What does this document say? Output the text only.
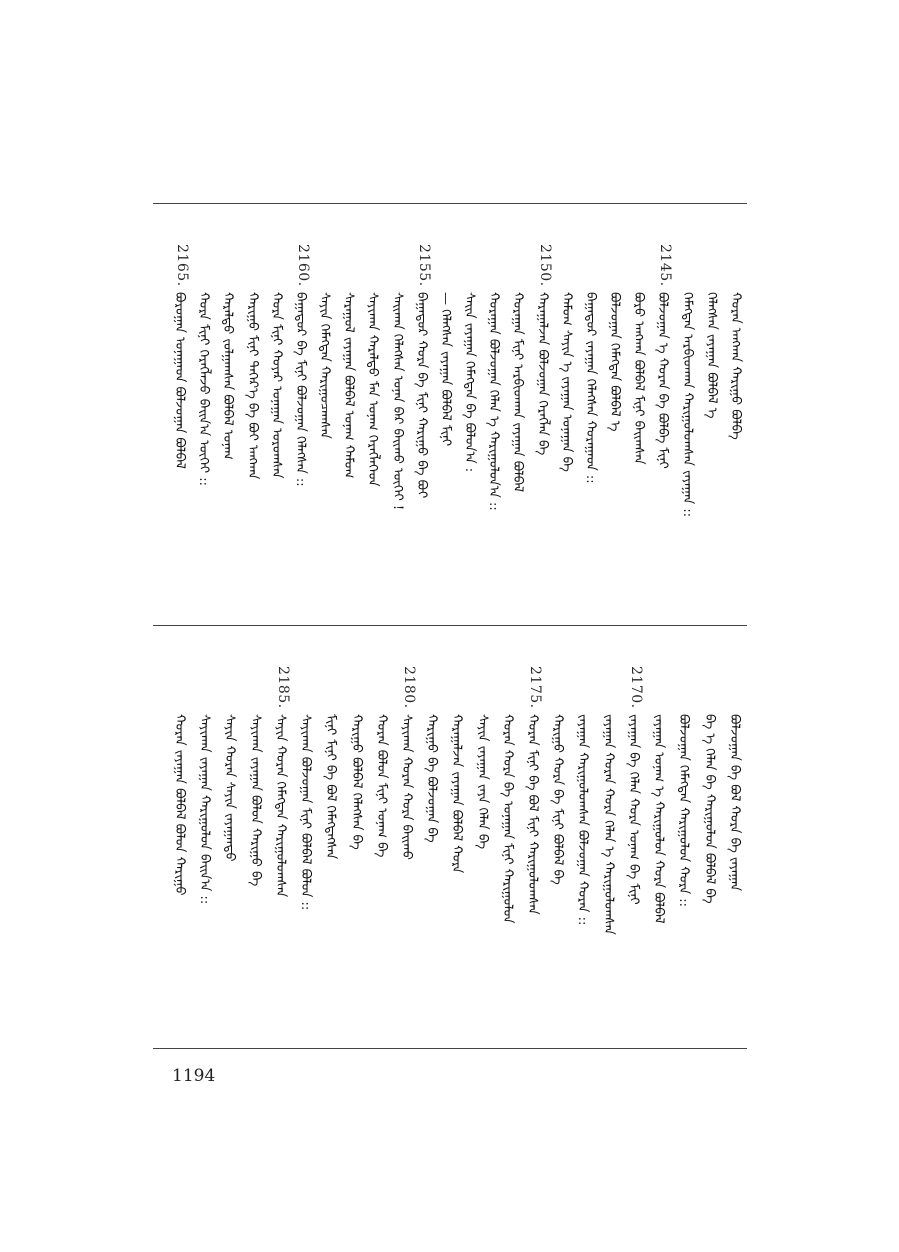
2165.
ᠪᠣᠷᠤᠭᠠᠨ ᠤᠨᠠᠭᠠᠳ ᠪᠣᠯᠵᠣᠭᠠᠨ ᠪᠣᠯᠪᠠᠯ ᠬᠤᠷᠠ ᠮᠢᠨᠢ ᠬᠡᠷᠡᠭᠯᠡᠵᠦ ᠪᠠᠢᠨ᠎ᠠ ᠦᠭᠡᠢ :: ᠬᠠᠷᠠᠯᠳᠤ ᠵᠣᠯᠭᠠᠭᠰᠠᠨ ᠪᠣᠯᠪᠠᠯ ᠤᠨᠠᠭ ᠬᠠᠷᠢᠭᠤ ᠮᠢᠨᠢ ᠳᠡᠭᠡᠷ᠎ᠡ ᠪᠠ ᠪᠤᠢ ᠠᠩᠬᠠᠨ ᠬᠤᠷᠠ ᠮᠢᠨᠢ ᠬᠣᠶᠠᠷ ᠤᠨᠠᠭᠠᠨ ᠤᠷᠤᠭᠰᠠᠨ
2160.
ᠪᠠᠭᠠᠳᠤᠷ ᠪᠠ ᠮᠢᠨᠢ ᠪᠣᠯᠵᠣᠭᠠᠨ ᠬᠡᠯᠡᠭᠰᠡᠨ :: ᠰᠠᠶᠢᠨ ᠬᠡᠮᠡᠭᠳᠡᠨ ᠬᠠᠷᠢᠭᠤᠴᠠᠭᠰᠠᠨ ᠰᠠᠷᠠᠭᠤᠯ ᠵᠠᠶᠠᠭᠠᠨ ᠪᠣᠯᠪᠠᠯ ᠤᠨᠠᠭ ᠬᠠᠮᠤᠭ ᠰᠠᠶᠢᠬᠠᠨ ᠬᠠᠷᠠᠯᠳᠤ ᠮᠠᠨ ᠤᠨᠠᠭ ᠬᠡᠷᠡᠭᠯᠡᠭᠡᠳ ᠰᠠᠢᠬᠠᠨ ᠬᠡᠯᠡᠭᠰᠡᠨ ᠤᠨᠠᠨ ᠪᠠᠷ ᠪᠠᠢᠬᠤ ᠦᠭᠡᠢ !
2155.
ᠪᠠᠭᠠᠳᠤᠷ ᠬᠤᠷᠠ ᠪᠠ ᠮᠢᠨᠢ ᠬᠠᠷᠢᠭᠤ ᠪᠠ ᠪᠤᠢ — ᠬᠡᠯᠡᠭᠰᠡᠨ ᠵᠠᠶᠠᠭᠠᠨ ᠪᠣᠯᠪᠠᠯ ᠮᠢᠨᠢ ᠰᠠᠢᠨ ᠵᠠᠶᠠᠭᠠᠨ ᠬᠡᠮᠡᠭᠳᠡᠨ ᠪᠠ ᠪᠣᠯᠤᠨ᠎ᠠ : ᠬᠤᠷᠠᠭᠠᠨ ᠪᠣᠯᠵᠣᠭᠠᠨ ᠬᠡᠯᠡᠨ ᠡ ᠬᠠᠷᠢᠭᠤᠯᠤᠨ᠎ᠠ :: ᠬᠤᠷᠠᠭᠠᠨ ᠮᠢᠨᠢ ᠠᠷᠪᠢᠳᠬᠠᠨ ᠵᠠᠶᠠᠭᠠᠨ ᠪᠣᠯᠪᠠᠯ
2150.
ᠬᠠᠷᠠᠭᠠᠯᠵᠠᠨ ᠪᠣᠯᠵᠣᠭᠠᠨ ᠬᠡᠷᠡᠭᠯᠡᠨ ᠪᠠ ᠬᠠᠮᠤᠭ ᠰᠠᠶᠢᠨ ᠡ ᠵᠠᠶᠠᠭᠠᠨ ᠤᠨᠠᠭᠠᠨ ᠪᠠ ᠪᠠᠭᠠᠳᠤᠷ ᠵᠠᠶᠠᠭᠠᠨ ᠬᠡᠯᠡᠭᠰᠡᠨ ᠬᠤᠷᠠᠭᠠᠳ :: ᠪᠣᠯᠵᠣᠭᠠᠨ ᠬᠡᠮᠡᠭᠳᠡᠨ ᠪᠣᠯᠪᠠᠯ ᠡ ᠪᠣᠷᠤ ᠠᠩᠬᠠᠨ ᠪᠣᠯᠪᠠᠯ ᠮᠢᠨᠢ ᠪᠠᠢᠭᠰᠠᠨ
2145.
ᠪᠣᠯᠵᠣᠭᠠᠨ ᠡ ᠬᠤᠷᠠᠨ ᠪᠠ ᠪᠣᠯᠪᠠ ᠮᠢᠨᠢ ᠬᠡᠮᠡᠭᠳᠡᠨ ᠠᠷᠪᠢᠳᠬᠠᠨ ᠬᠠᠷᠢᠭᠤᠯᠤᠭᠰᠠᠨ ᠵᠠᠶᠠᠭᠠᠨ :: ᠬᠡᠯᠡᠭᠰᠡᠨ ᠵᠠᠶᠠᠭᠠᠨ ᠪᠣᠯᠪᠠᠯ ᠡ ᠬᠤᠷᠠᠨ ᠠᠩᠬᠠᠨ ᠬᠠᠷᠢᠭᠤ ᠪᠣᠯᠪᠠ
ᠬᠤᠷᠠᠨ ᠵᠠᠶᠠᠭᠠᠨ ᠪᠣᠯᠪᠠᠯ ᠪᠣᠯᠤᠨ ᠬᠠᠷᠢᠭᠤ ᠰᠠᠶᠢᠬᠠᠨ ᠵᠠᠶᠠᠭᠠᠨ ᠬᠠᠷᠢᠭᠤᠯᠤᠨ ᠪᠠᠢᠨ᠎ᠠ :: ᠰᠠᠶᠢᠨ ᠬᠤᠷᠠᠨ ᠰᠠᠶᠢᠨ ᠵᠠᠶᠠᠭᠠᠨᠳᠤ ᠰᠠᠶᠢᠬᠠᠨ ᠵᠠᠶᠠᠭᠠᠨ ᠪᠣᠯᠤᠨ ᠬᠠᠷᠢᠭᠤ ᠪᠠ
2185.
ᠰᠠᠶᠢᠨ ᠬᠤᠷᠠᠨ ᠬᠡᠮᠡᠭᠳᠡᠨ ᠬᠠᠷᠢᠭᠤᠯᠤᠭᠰᠠᠨ ᠰᠠᠶᠢᠬᠠᠨ ᠪᠣᠯᠵᠣᠭᠠᠨ ᠮᠢᠨᠢ ᠪᠣᠯᠪᠠᠯ ᠪᠣᠯᠤᠨ :: ᠮᠢᠨᠢ ᠮᠢᠨᠢ ᠪᠠ ᠪᠣᠯ ᠬᠡᠮᠡᠭᠳᠡᠭᠰᠡᠨ ᠬᠠᠷᠢᠭᠤ ᠪᠣᠯᠪᠠᠯ ᠬᠡᠯᠡᠭᠰᠡᠨ ᠪᠠ ᠬᠤᠷᠠᠨ ᠪᠣᠯᠤᠨ ᠮᠢᠨᠢ ᠤᠨᠠᠭ ᠪᠠ
2180.
ᠰᠠᠶᠢᠬᠠᠨ ᠬᠤᠷᠠᠨ ᠬᠤᠷᠠ ᠪᠠᠢᠬᠤ ᠬᠠᠷᠢᠭᠤ ᠪᠠ ᠪᠣᠯᠵᠣᠭᠠᠨ ᠪᠠ ᠬᠠᠷᠠᠭᠠᠯᠵᠠᠨ ᠵᠠᠶᠠᠭᠠᠨ ᠪᠣᠯᠪᠠᠯ ᠬᠤᠷᠠ ᠰᠠᠶᠢᠨ ᠵᠠᠶᠠᠭᠠᠨ ᠵᠠᠶᠠ ᠬᠡᠯᠡᠨ ᠪᠠ ᠬᠤᠷᠠᠨ ᠬᠤᠷᠠ ᠪᠠ ᠤᠨᠠᠭᠠᠨ ᠮᠢᠨᠢ ᠬᠠᠷᠢᠭᠤᠯᠤᠨ
2175.
ᠬᠤᠷᠠᠨ ᠮᠢᠨᠢ ᠪᠠ ᠪᠣᠯ ᠮᠢᠨᠢ ᠬᠠᠷᠢᠭᠤᠯᠤᠭᠰᠠᠨ ᠬᠠᠷᠢᠭᠤ ᠬᠤᠷᠠ ᠪᠠ ᠮᠢᠨᠢ ᠪᠣᠯᠪᠠᠯ ᠪᠠ ᠵᠠᠶᠠᠭᠠᠨ ᠬᠠᠷᠢᠭᠤᠯᠤᠭᠰᠠᠨ ᠪᠣᠯᠵᠣᠭᠠᠨ ᠬᠤᠷᠠᠨ :: ᠵᠠᠶᠠᠭᠠᠨ ᠬᠤᠷᠠᠨ ᠬᠤᠷᠠ ᠬᠡᠯᠡᠨ ᠡ ᠬᠠᠷᠢᠭᠤᠯᠤᠭᠰᠠᠨ
2170.
ᠵᠠᠶᠠᠭᠠᠨ ᠪᠠ ᠬᠡᠯᠡᠨ ᠬᠤᠷᠠ ᠤᠨᠠᠭ ᠪᠠ ᠮᠢᠨᠢ ᠵᠠᠶᠠᠭᠠᠨ ᠤᠨᠠᠭ ᠡ ᠬᠠᠷᠢᠭᠤᠯᠤᠨ ᠬᠤᠷᠠ ᠪᠣᠯᠪᠠᠯ ᠪᠣᠯᠵᠣᠭᠠᠨ ᠬᠡᠮᠡᠭᠳᠡᠨ ᠬᠠᠷᠢᠭᠤᠯᠤᠨ ᠬᠤᠷᠠ :: ᠪᠠ ᠡ ᠬᠡᠯᠡᠨ ᠪᠠ ᠬᠠᠷᠢᠭᠤᠯᠤᠨ ᠪᠣᠯᠪᠠᠯ ᠪᠠ ᠪᠣᠯᠵᠣᠭᠠᠨ ᠪᠠ ᠪᠣᠯ ᠬᠤᠷᠠ ᠪᠠ ᠵᠠᠶᠠᠭᠠᠨ
1194
